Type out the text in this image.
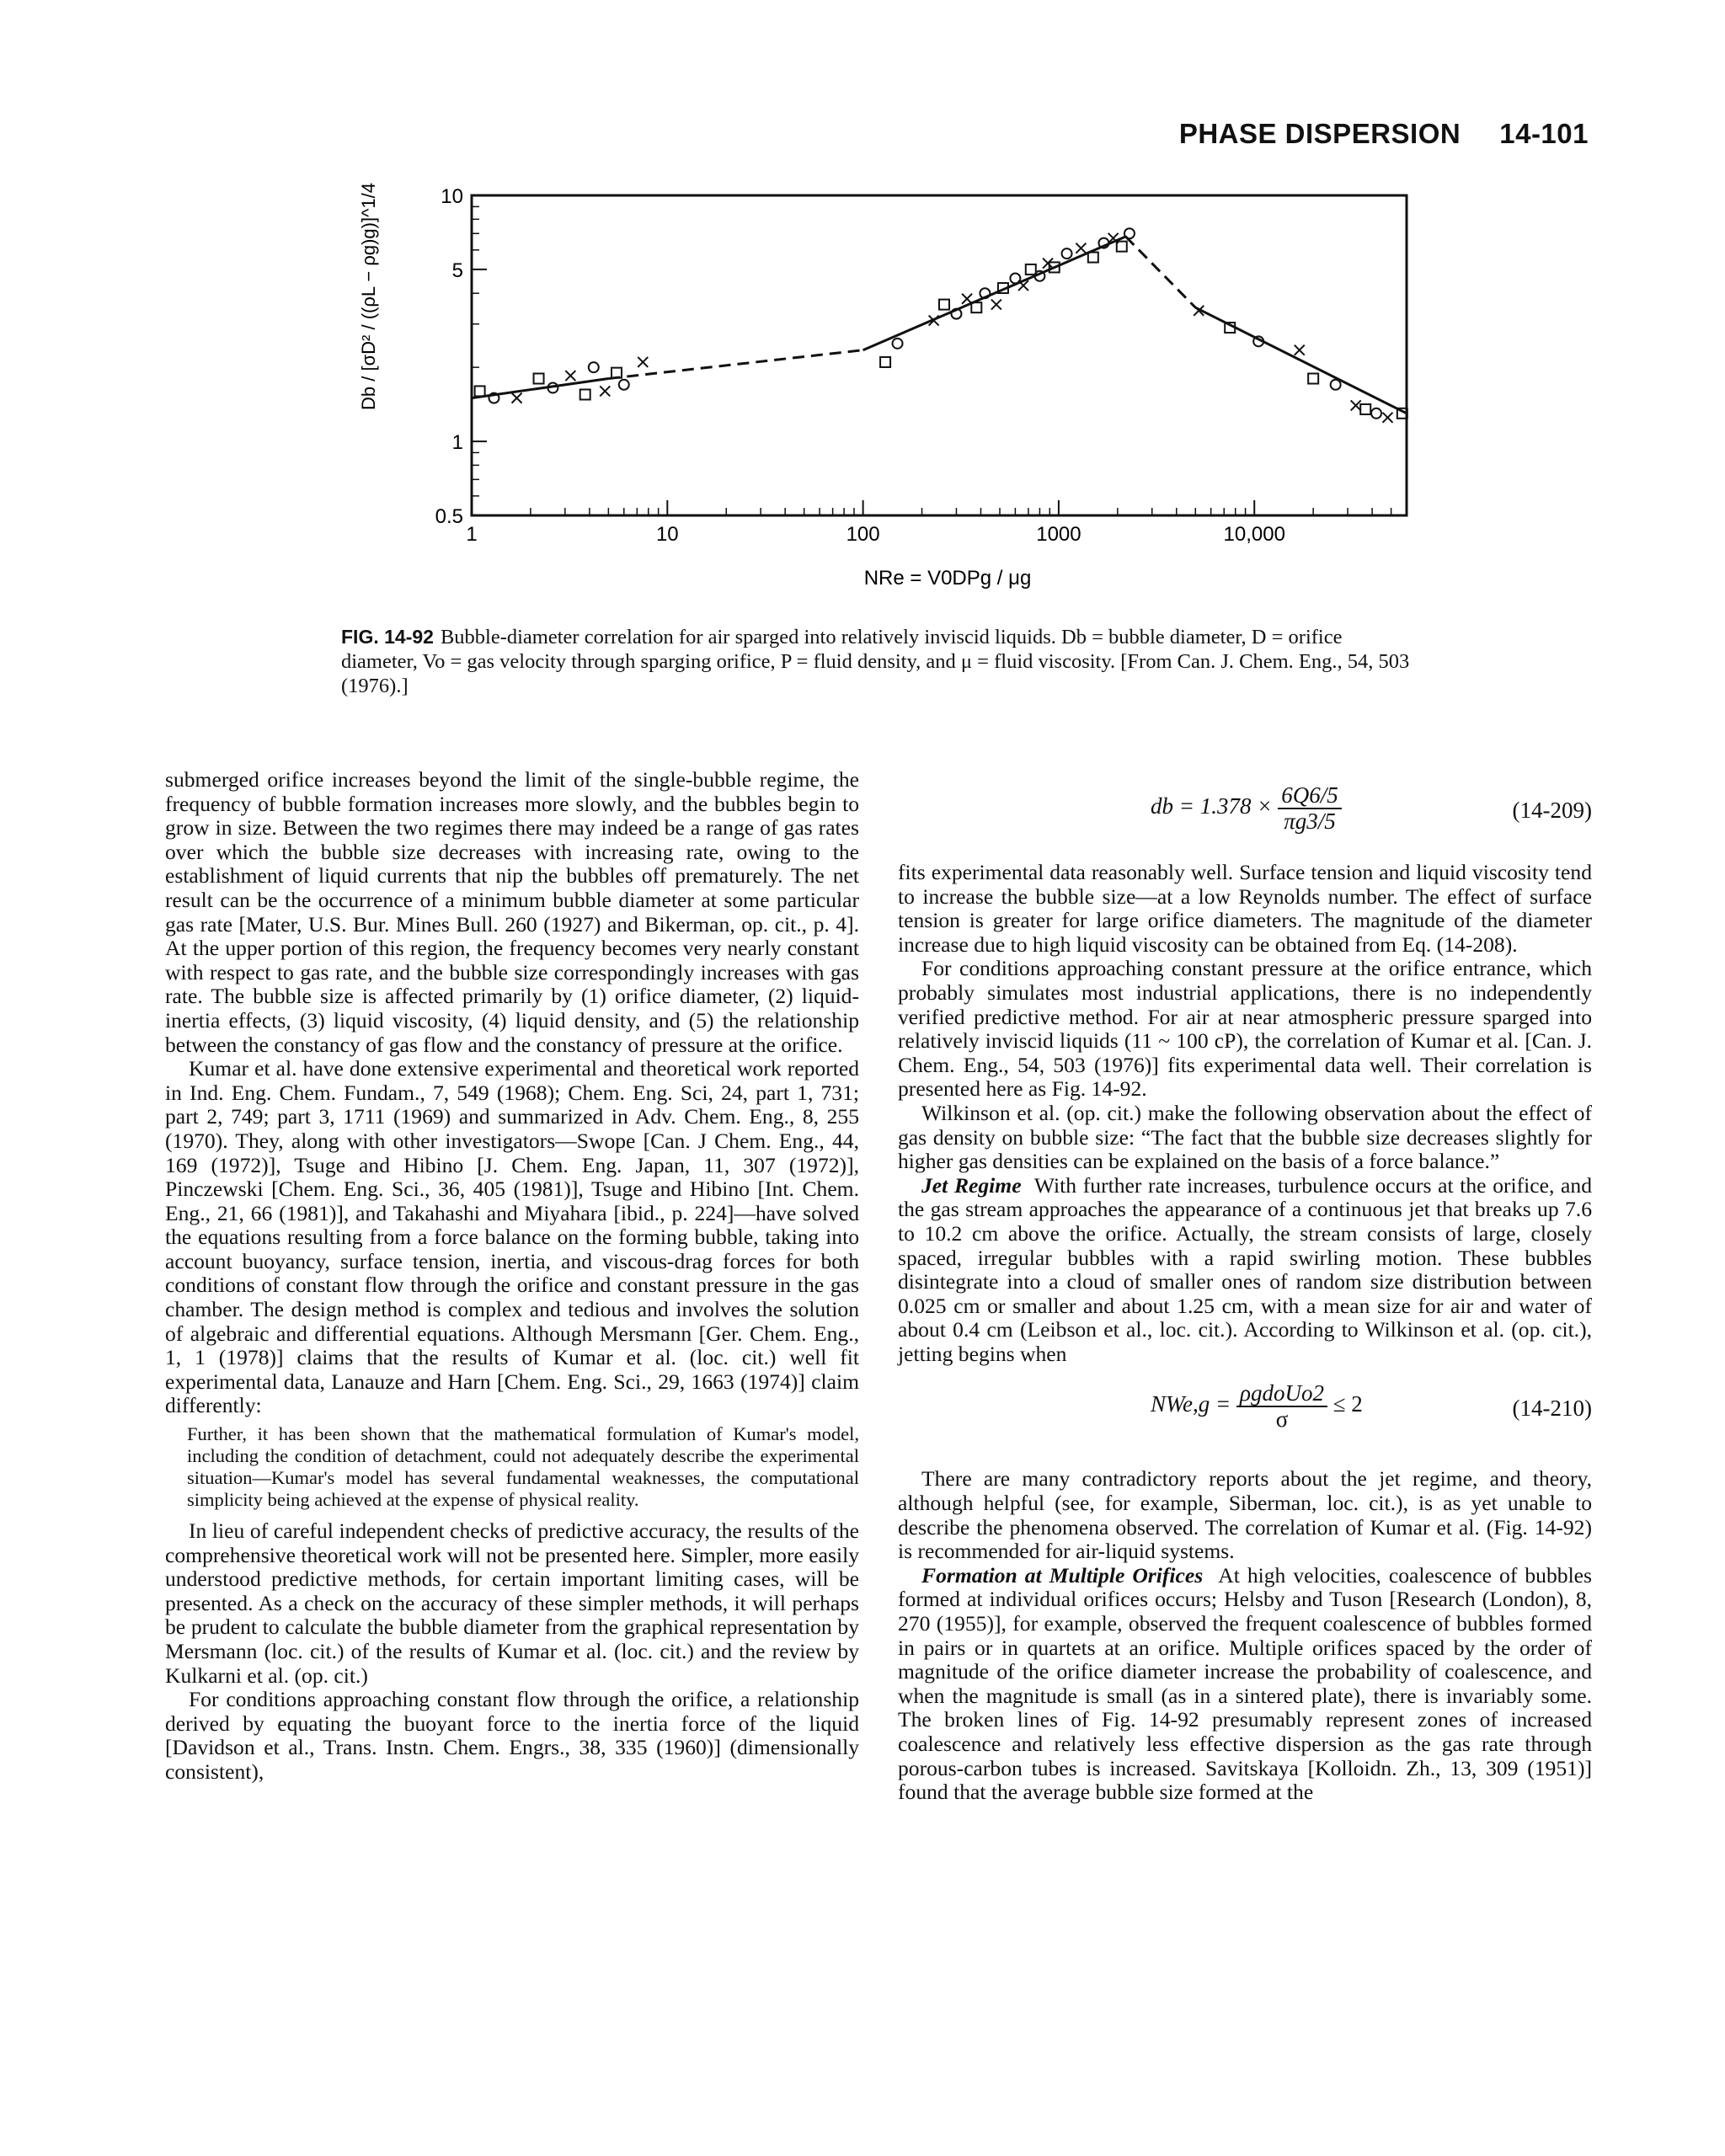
PHASE DISPERSION 14-101
1	10	100	1000	10,000
0.5
1
5
10
Db / [σD² / ((ρL − ρg)g)]^1/4
NRe = V0DPg / μg
FIG. 14-92 Bubble-diameter correlation for air sparged into relatively inviscid liquids. Db = bubble diameter, D = orifice diameter, Vo = gas velocity through sparging orifice, P = fluid density, and μ = fluid viscosity. [From Can. J. Chem. Eng., 54, 503 (1976).]

submerged orifice increases beyond the limit of the single-bubble regime, the frequency of bubble formation increases more slowly, and the bubbles begin to grow in size. Between the two regimes there may indeed be a range of gas rates over which the bubble size decreases with increasing rate, owing to the establishment of liquid currents that nip the bubbles off prematurely. The net result can be the occurrence of a minimum bubble diameter at some particular gas rate [Mater, U.S. Bur. Mines Bull. 260 (1927) and Bikerman, op. cit., p. 4]. At the upper portion of this region, the frequency becomes very nearly constant with respect to gas rate, and the bubble size correspondingly increases with gas rate. The bubble size is affected primarily by (1) orifice diameter, (2) liquid-inertia effects, (3) liquid viscosity, (4) liquid density, and (5) the relationship between the constancy of gas flow and the constancy of pressure at the orifice.

Kumar et al. have done extensive experimental and theoretical work reported in Ind. Eng. Chem. Fundam., 7, 549 (1968); Chem. Eng. Sci, 24, part 1, 731; part 2, 749; part 3, 1711 (1969) and summarized in Adv. Chem. Eng., 8, 255 (1970). They, along with other investigators—Swope [Can. J Chem. Eng., 44, 169 (1972)], Tsuge and Hibino [J. Chem. Eng. Japan, 11, 307 (1972)], Pinczewski [Chem. Eng. Sci., 36, 405 (1981)], Tsuge and Hibino [Int. Chem. Eng., 21, 66 (1981)], and Takahashi and Miyahara [ibid., p. 224]—have solved the equations resulting from a force balance on the forming bubble, taking into account buoyancy, surface tension, inertia, and viscous-drag forces for both conditions of constant flow through the orifice and constant pressure in the gas chamber. The design method is complex and tedious and involves the solution of algebraic and differential equations. Although Mersmann [Ger. Chem. Eng., 1, 1 (1978)] claims that the results of Kumar et al. (loc. cit.) well fit experimental data, Lanauze and Harn [Chem. Eng. Sci., 29, 1663 (1974)] claim differently:

Further, it has been shown that the mathematical formulation of Kumar's model, including the condition of detachment, could not adequately describe the experimental situation—Kumar's model has several fundamental weaknesses, the computational simplicity being achieved at the expense of physical reality.

In lieu of careful independent checks of predictive accuracy, the results of the comprehensive theoretical work will not be presented here. Simpler, more easily understood predictive methods, for certain important limiting cases, will be presented. As a check on the accuracy of these simpler methods, it will perhaps be prudent to calculate the bubble diameter from the graphical representation by Mersmann (loc. cit.) of the results of Kumar et al. (loc. cit.) and the review by Kulkarni et al. (op. cit.)

For conditions approaching constant flow through the orifice, a relationship derived by equating the buoyant force to the inertia force of the liquid [Davidson et al., Trans. Instn. Chem. Engrs., 38, 335 (1960)] (dimensionally consistent),

db = $1.378 \times \frac{6Q6/5}{\pi g3/5}$	(14-209)

fits experimental data reasonably well. Surface tension and liquid viscosity tend to increase the bubble size—at a low Reynolds number. The effect of surface tension is greater for large orifice diameters. The magnitude of the diameter increase due to high liquid viscosity can be obtained from Eq. (14-208).

For conditions approaching constant pressure at the orifice entrance, which probably simulates most industrial applications, there is no independently verified predictive method. For air at near atmospheric pressure sparged into relatively inviscid liquids (11 ~ 100 cP), the correlation of Kumar et al. [Can. J. Chem. Eng., 54, 503 (1976)] fits experimental data well. Their correlation is presented here as Fig. 14-92.

Wilkinson et al. (op. cit.) make the following observation about the effect of gas density on bubble size: “The fact that the bubble size decreases slightly for higher gas densities can be explained on the basis of a force balance.”

Jet Regime With further rate increases, turbulence occurs at the orifice, and the gas stream approaches the appearance of a continuous jet that breaks up 7.6 to 10.2 cm above the orifice. Actually, the stream consists of large, closely spaced, irregular bubbles with a rapid swirling motion. These bubbles disintegrate into a cloud of smaller ones of random size distribution between 0.025 cm or smaller and about 1.25 cm, with a mean size for air and water of about 0.4 cm (Leibson et al., loc. cit.). According to Wilkinson et al. (op. cit.), jetting begins when

$NWe,g = \frac{\text{ρgdoUo2}}{\sigma} \le 2$	(14-210)

There are many contradictory reports about the jet regime, and theory, although helpful (see, for example, Siberman, loc. cit.), is as yet unable to describe the phenomena observed. The correlation of Kumar et al. (Fig. 14-92) is recommended for air-liquid systems.

Formation at Multiple Orifices At high velocities, coalescence of bubbles formed at individual orifices occurs; Helsby and Tuson [Research (London), 8, 270 (1955)], for example, observed the frequent coalescence of bubbles formed in pairs or in quartets at an orifice. Multiple orifices spaced by the order of magnitude of the orifice diameter increase the probability of coalescence, and when the magnitude is small (as in a sintered plate), there is invariably some. The broken lines of Fig. 14-92 presumably represent zones of increased coalescence and relatively less effective dispersion as the gas rate through porous-carbon tubes is increased. Savitskaya [Kolloidn. Zh., 13, 309 (1951)] found that the average bubble size formed at the
